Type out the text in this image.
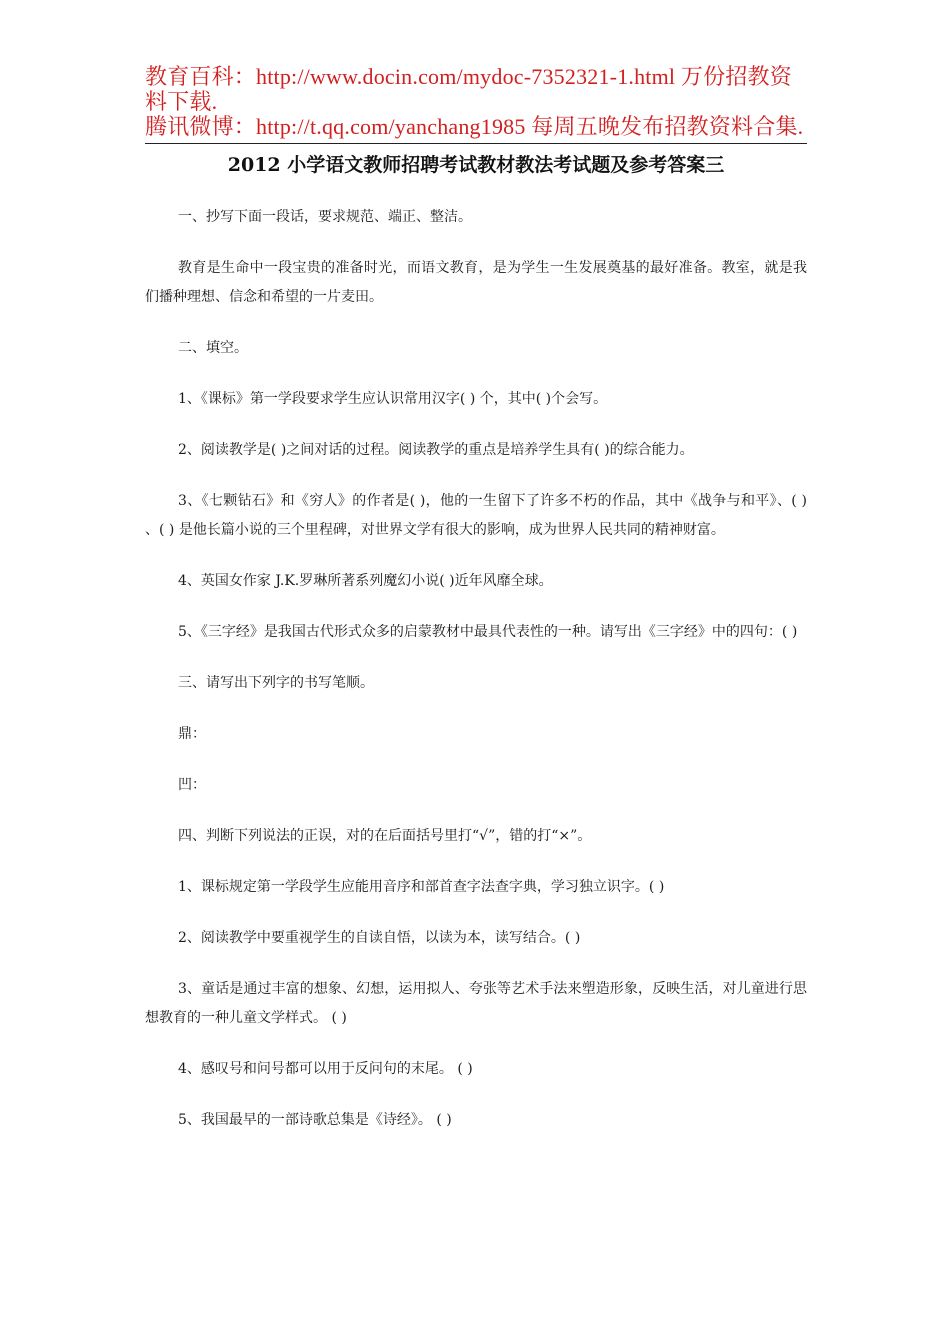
教育百科：http://www.docin.com/mydoc-7352321-1.html 万份招教资料下载.
腾讯微博：http://t.qq.com/yanchang1985 每周五晚发布招教资料合集.
2012 小学语文教师招聘考试教材教法考试题及参考答案三

一、抄写下面一段话，要求规范、端正、整洁。

教育是生命中一段宝贵的准备时光，而语文教育，是为学生一生发展奠基的最好准备。教室，就是我们播种理想、信念和希望的一片麦田。

二、填空。

1、《课标》第一学段要求学生应认识常用汉字( ) 个，其中( )个会写。

2、阅读教学是( )之间对话的过程。阅读教学的重点是培养学生具有( )的综合能力。

3、《七颗钻石》和《穷人》的作者是( )，他的一生留下了许多不朽的作品，其中《战争与和平》、( ) 、( ) 是他长篇小说的三个里程碑，对世界文学有很大的影响，成为世界人民共同的精神财富。

4、英国女作家 J.K.罗琳所著系列魔幻小说( )近年风靡全球。

5、《三字经》是我国古代形式众多的启蒙教材中最具代表性的一种。请写出《三字经》中的四句：( )

三、请写出下列字的书写笔顺。

鼎：

凹：

四、判断下列说法的正误，对的在后面括号里打“√”，错的打“×”。

1、课标规定第一学段学生应能用音序和部首查字法查字典，学习独立识字。( )

2、阅读教学中要重视学生的自读自悟，以读为本，读写结合。( )

3、童话是通过丰富的想象、幻想，运用拟人、夸张等艺术手法来塑造形象，反映生活，对儿童进行思想教育的一种儿童文学样式。 ( )

4、感叹号和问号都可以用于反问句的末尾。 ( )

5、我国最早的一部诗歌总集是《诗经》。 ( )
